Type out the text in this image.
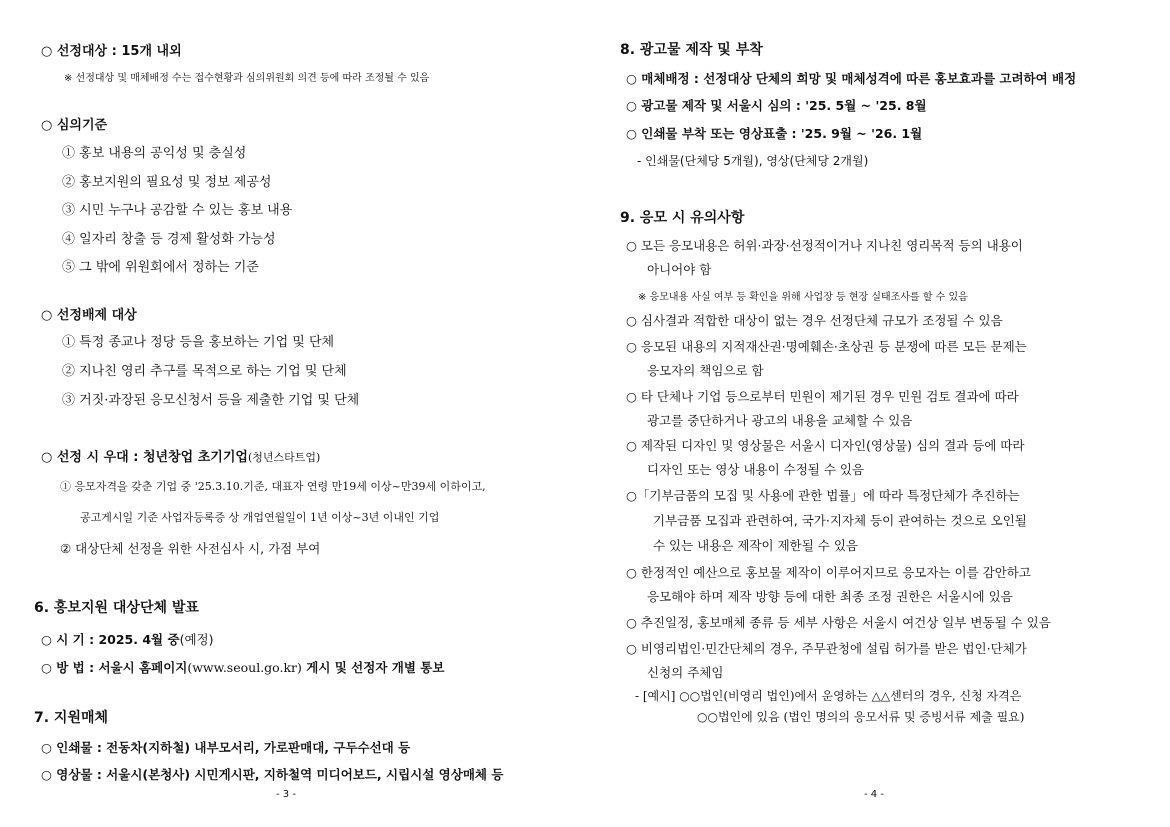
○ 선정대상 : 15개 내외
※ 선정대상 및 매체배정 수는 접수현황과 심의위원회 의견 등에 따라 조정될 수 있음
○ 심의기준
① 홍보 내용의 공익성 및 충실성
② 홍보지원의 필요성 및 정보 제공성
③ 시민 누구나 공감할 수 있는 홍보 내용
④ 일자리 창출 등 경제 활성화 가능성
⑤ 그 밖에 위원회에서 정하는 기준
○ 선정배제 대상
① 특정 종교나 정당 등을 홍보하는 기업 및 단체
② 지나친 영리 추구를 목적으로 하는 기업 및 단체
③ 거짓·과장된 응모신청서 등을 제출한 기업 및 단체
○ 선정 시 우대 : 청년창업 초기기업(청년스타트업)
① 응모자격을 갖춘 기업 중 '25.3.10.기준, 대표자 연령 만19세 이상~만39세 이하이고,
공고게시일 기준 사업자등록증 상 개업연월일이 1년 이상~3년 이내인 기업
② 대상단체 선정을 위한 사전심사 시, 가점 부여
6. 홍보지원 대상단체 발표
○ 시 기 : 2025. 4월 중(예정)
○ 방 법 : 서울시 홈페이지(www.seoul.go.kr) 게시 및 선정자 개별 통보
7. 지원매체
○ 인쇄물 : 전동차(지하철) 내부모서리, 가로판매대, 구두수선대 등
○ 영상물 : 서울시(본청사) 시민게시판, 지하철역 미디어보드, 시립시설 영상매체 등
- 3 -
8. 광고물 제작 및 부착
○ 매체배정 : 선정대상 단체의 희망 및 매체성격에 따른 홍보효과를 고려하여 배정
○ 광고물 제작 및 서울시 심의 : '25. 5월 ~ '25. 8월
○ 인쇄물 부착 또는 영상표출 : '25. 9월 ~ '26. 1월
- 인쇄물(단체당 5개월), 영상(단체당 2개월)
9. 응모 시 유의사항
○ 모든 응모내용은 허위·과장·선정적이거나 지나친 영리목적 등의 내용이
아니어야 함
※ 응모내용 사실 여부 등 확인을 위해 사업장 등 현장 실태조사를 할 수 있음
○ 심사결과 적합한 대상이 없는 경우 선정단체 규모가 조정될 수 있음
○ 응모된 내용의 지적재산권·명예훼손·초상권 등 분쟁에 따른 모든 문제는
응모자의 책임으로 함
○ 타 단체나 기업 등으로부터 민원이 제기된 경우 민원 검토 결과에 따라
광고를 중단하거나 광고의 내용을 교체할 수 있음
○ 제작된 디자인 및 영상물은 서울시 디자인(영상물) 심의 결과 등에 따라
디자인 또는 영상 내용이 수정될 수 있음
○「기부금품의 모집 및 사용에 관한 법률」에 따라 특정단체가 추진하는
기부금품 모집과 관련하여, 국가·지자체 등이 관여하는 것으로 오인될
수 있는 내용은 제작이 제한될 수 있음
○ 한정적인 예산으로 홍보물 제작이 이루어지므로 응모자는 이를 감안하고
응모해야 하며 제작 방향 등에 대한 최종 조정 권한은 서울시에 있음
○ 추진일정, 홍보매체 종류 등 세부 사항은 서울시 여건상 일부 변동될 수 있음
○ 비영리법인·민간단체의 경우, 주무관청에 설립 허가를 받은 법인·단체가
신청의 주체임
- [예시] ○○법인(비영리 법인)에서 운영하는 △△센터의 경우, 신청 자격은
○○법인에 있음 (법인 명의의 응모서류 및 증빙서류 제출 필요)
- 4 -
